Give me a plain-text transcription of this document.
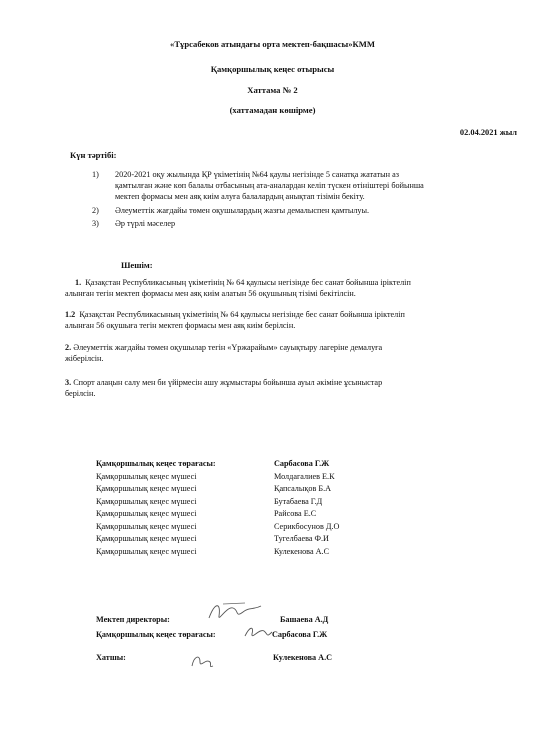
«Тұрсабеков атындағы орта мектеп-бақшасы»КММ
Қамқоршылық кеңес отырысы
Хаттама № 2
(хаттамадан көшірме)
02.04.2021 жыл
Күн тәртібі:
1) 2020-2021 оқу жылында ҚР үкіметінің №64 қаулы негізінде 5 санатқа жататын аз
қамтылған және көп балалы отбасының ата-аналардан келіп түскен өтініштері бойынша
мектеп формасы мен аяқ киім алуға балалардың анықтап тізімін бекіту.
2) Әлеуметтік жағдайы төмен оқушылардың жазғы демалыспен қамтылуы.
3) Әр түрлі мәселер
Шешім:
1. Қазақстан Республикасының үкіметінің № 64 қаулысы негізінде бес санат бойынша іріктеліп
алынған тегін мектеп формасы мен аяқ киім алатын 56 оқушының тізімі бекітілсін.
1.2 Қазақстан Республикасының үкіметінің № 64 қаулысы негізінде бес санат бойынша іріктеліп
алынған 56 оқушыға тегін мектеп формасы мен аяқ киім берілсін.
2. Әлеуметтік жағдайы төмен оқушылар тегін «Үржарайым» сауықтыру лагеріне демалуға
жіберілсін.
3. Спорт алаңын салу мен би үйірмесін ашу жұмыстары бойынша ауыл әкіміне ұсыныстар
берілсін.
Қамқоршылық кеңес төрағасы:	Сарбасова Г.Ж
Қамқоршылық кеңес мүшесі	Молдагалиев Е.К
Қамқоршылық кеңес мүшесі	Қапсалықов Б.А
Қамқоршылық кеңес мүшесі	Бутабаева Г.Д
Қамқоршылық кеңес мүшесі	Райсова Е.С
Қамқоршылық кеңес мүшесі	Серикбосунов Д.О
Қамқоршылық кеңес мүшесі	Тугелбаева Ф.И
Қамқоршылық кеңес мүшесі	Кулекенова А.С
Мектеп директоры:	Башаева А.Д
Қамқоршылық кеңес төрағасы:	Сарбасова Г.Ж
Хатшы:	Кулекенова А.С
